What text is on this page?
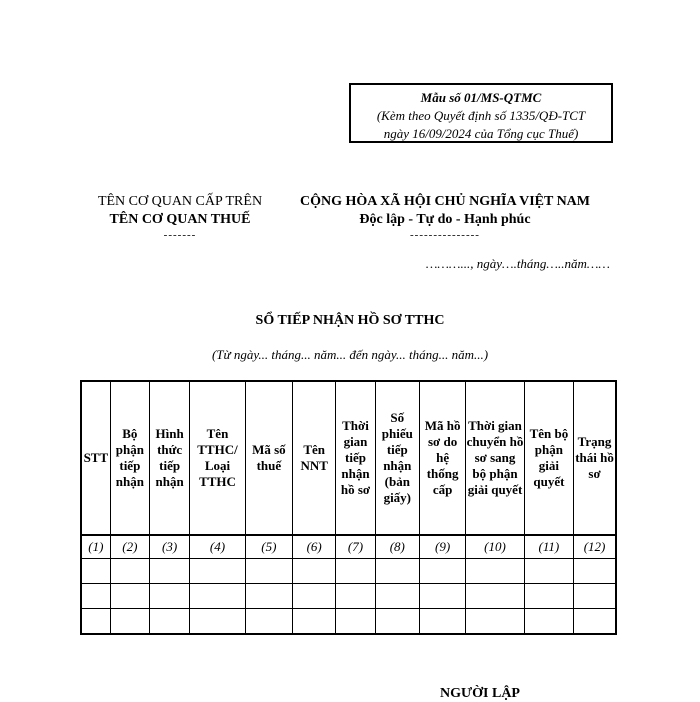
Mẫu số 01/MS-QTMC
(Kèm theo Quyết định số 1335/QĐ-TCT
ngày 16/09/2024 của Tổng cục Thuế)
TÊN CƠ QUAN CẤP TRÊN
TÊN CƠ QUAN THUẾ
-------
CỘNG HÒA XÃ HỘI CHỦ NGHĨA VIỆT NAM
Độc lập - Tự do - Hạnh phúc
---------------
………..., ngày….tháng…..năm……
SỔ TIẾP NHẬN HỒ SƠ TTHC
(Từ ngày... tháng... năm... đến ngày... tháng... năm...)
STT	Bộ phận tiếp nhận	Hình thức tiếp nhận	Tên TTHC/ Loại TTHC	Mã số thuế	Tên NNT	Thời gian tiếp nhận hồ sơ	Số phiếu tiếp nhận (bản giấy)	Mã hồ sơ do hệ thống cấp	Thời gian chuyển hồ sơ sang bộ phận giải quyết	Tên bộ phận giải quyết	Trạng thái hồ sơ
(1)	(2)	(3)	(4)	(5)	(6)	(7)	(8)	(9)	(10)	(11)	(12)

NGƯỜI LẬP
